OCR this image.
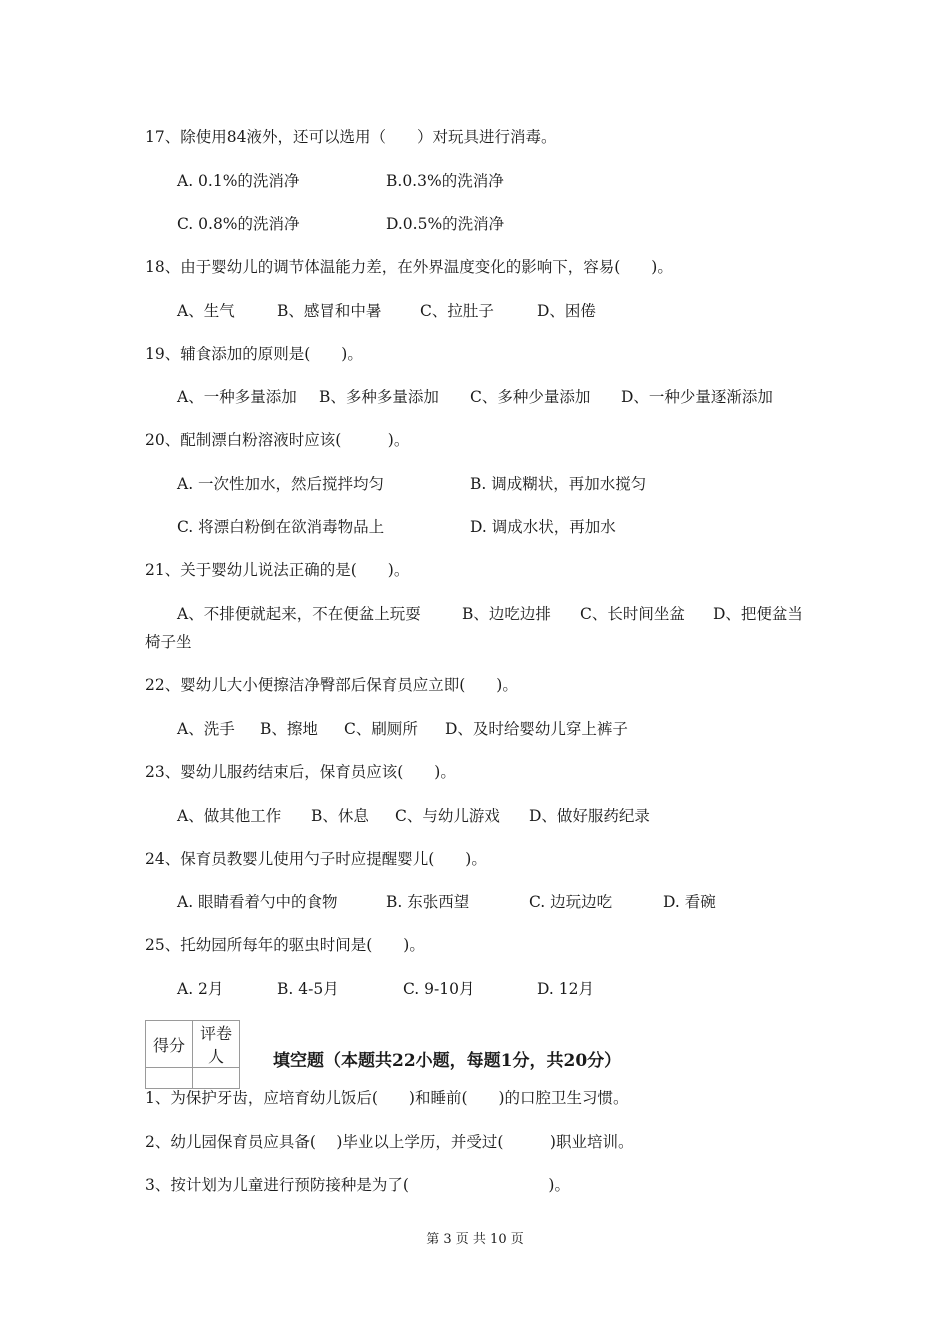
17、除使用84液外，还可以选用（　　）对玩具进行消毒。
A. 0.1%的洗消净	B.0.3%的洗消净
C. 0.8%的洗消净	D.0.5%的洗消净
18、由于婴幼儿的调节体温能力差，在外界温度变化的影响下，容易(　　)。
A、生气	B、感冒和中暑 C、拉肚子	D、困倦
19、辅食添加的原则是(　　)。
A、一种多量添加 B、多种多量添加 C、多种少量添加 D、一种少量逐渐添加
20、配制漂白粉溶液时应该(　　　)。
A. 一次性加水，然后搅拌均匀	B. 调成糊状，再加水搅匀
C. 将漂白粉倒在欲消毒物品上	D. 调成水状，再加水
21、关于婴幼儿说法正确的是(　　)。
A、不排便就起来，不在便盆上玩耍	B、边吃边排 C、长时间坐盆 D、把便盆当
椅子坐
22、婴幼儿大小便擦洁净臀部后保育员应立即(　　)。
A、洗手 B、擦地 C、刷厕所 D、及时给婴幼儿穿上裤子
23、婴幼儿服药结束后，保育员应该(　　)。
A、做其他工作 B、休息 C、与幼儿游戏 D、做好服药纪录
24、保育员教婴儿使用勺子时应提醒婴儿(　　)。
A. 眼睛看着勺中的食物	B. 东张西望	C. 边玩边吃	D. 看碗
25、托幼园所每年的驱虫时间是(　　)。
A. 2月	B. 4-5月	C. 9-10月	D. 12月
得分	评卷人
		填空题（本题共22小题，每题1分，共20分）
1、为保护牙齿，应培育幼儿饭后(　　)和睡前(　　)的口腔卫生习惯。
2、幼儿园保育员应具备(　 )毕业以上学历，并受过(　　　)职业培训。
3、按计划为儿童进行预防接种是为了(　　　　　　　　　)。
第 3 页 共 10 页
